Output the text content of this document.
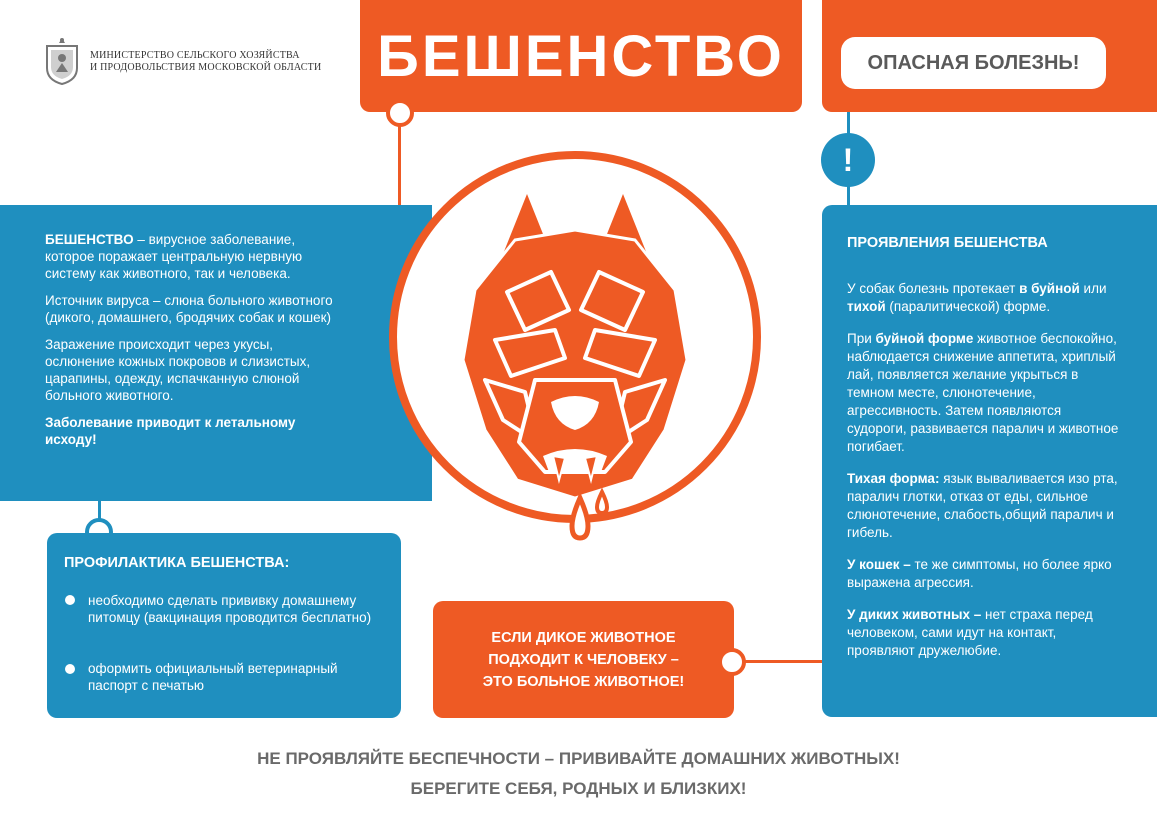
МИНИСТЕРСТВО СЕЛЬСКОГО ХОЗЯЙСТВА
И ПРОДОВОЛЬСТВИЯ МОСКОВСКОЙ ОБЛАСТИ БЕШЕНСТВО	ОПАСНАЯ БОЛЕЗНЬ!

БЕШЕНСТВО – вирусное заболевание, которое поражает центральную нервную систему как животного, так и человека.

Источник вируса – слюна больного животного (дикого, домашнего, бродячих собак и кошек)

Заражение происходит через укусы, ослюнение кожных покровов и слизистых, царапины, одежду, испачканную слюной больного животного.

Заболевание приводит к летальному исходу!

ПРОФИЛАКТИКА БЕШЕНСТВА:
необходимо сделать прививку домашнему питомцу (вакцинация проводится бесплатно)
оформить официальный ветеринарный паспорт с печатью
ЕСЛИ ДИКОЕ ЖИВОТНОЕ
ПОДХОДИТ К ЧЕЛОВЕКУ –
ЭТО БОЛЬНОЕ ЖИВОТНОЕ!
!
ПРОЯВЛЕНИЯ БЕШЕНСТВА

У собак болезнь протекает в буйной или тихой (паралитической) форме.

При буйной форме животное беспокойно, наблюдается снижение аппетита, хриплый лай, появляется желание укрыться в темном месте, слюнотечение, агрессивность. Затем появляются судороги, развивается паралич и животное погибает.

Тихая форма: язык вываливается изо рта, паралич глотки, отказ от еды, сильное слюнотечение, слабость,общий паралич и гибель.

У кошек – те же симптомы, но более ярко выражена агрессия.

У диких животных – нет страха перед человеком, сами идут на контакт, проявляют дружелюбие.

НЕ ПРОЯВЛЯЙТЕ БЕСПЕЧНОСТИ – ПРИВИВАЙТЕ ДОМАШНИХ ЖИВОТНЫХ!
БЕРЕГИТЕ СЕБЯ, РОДНЫХ И БЛИЗКИХ!
